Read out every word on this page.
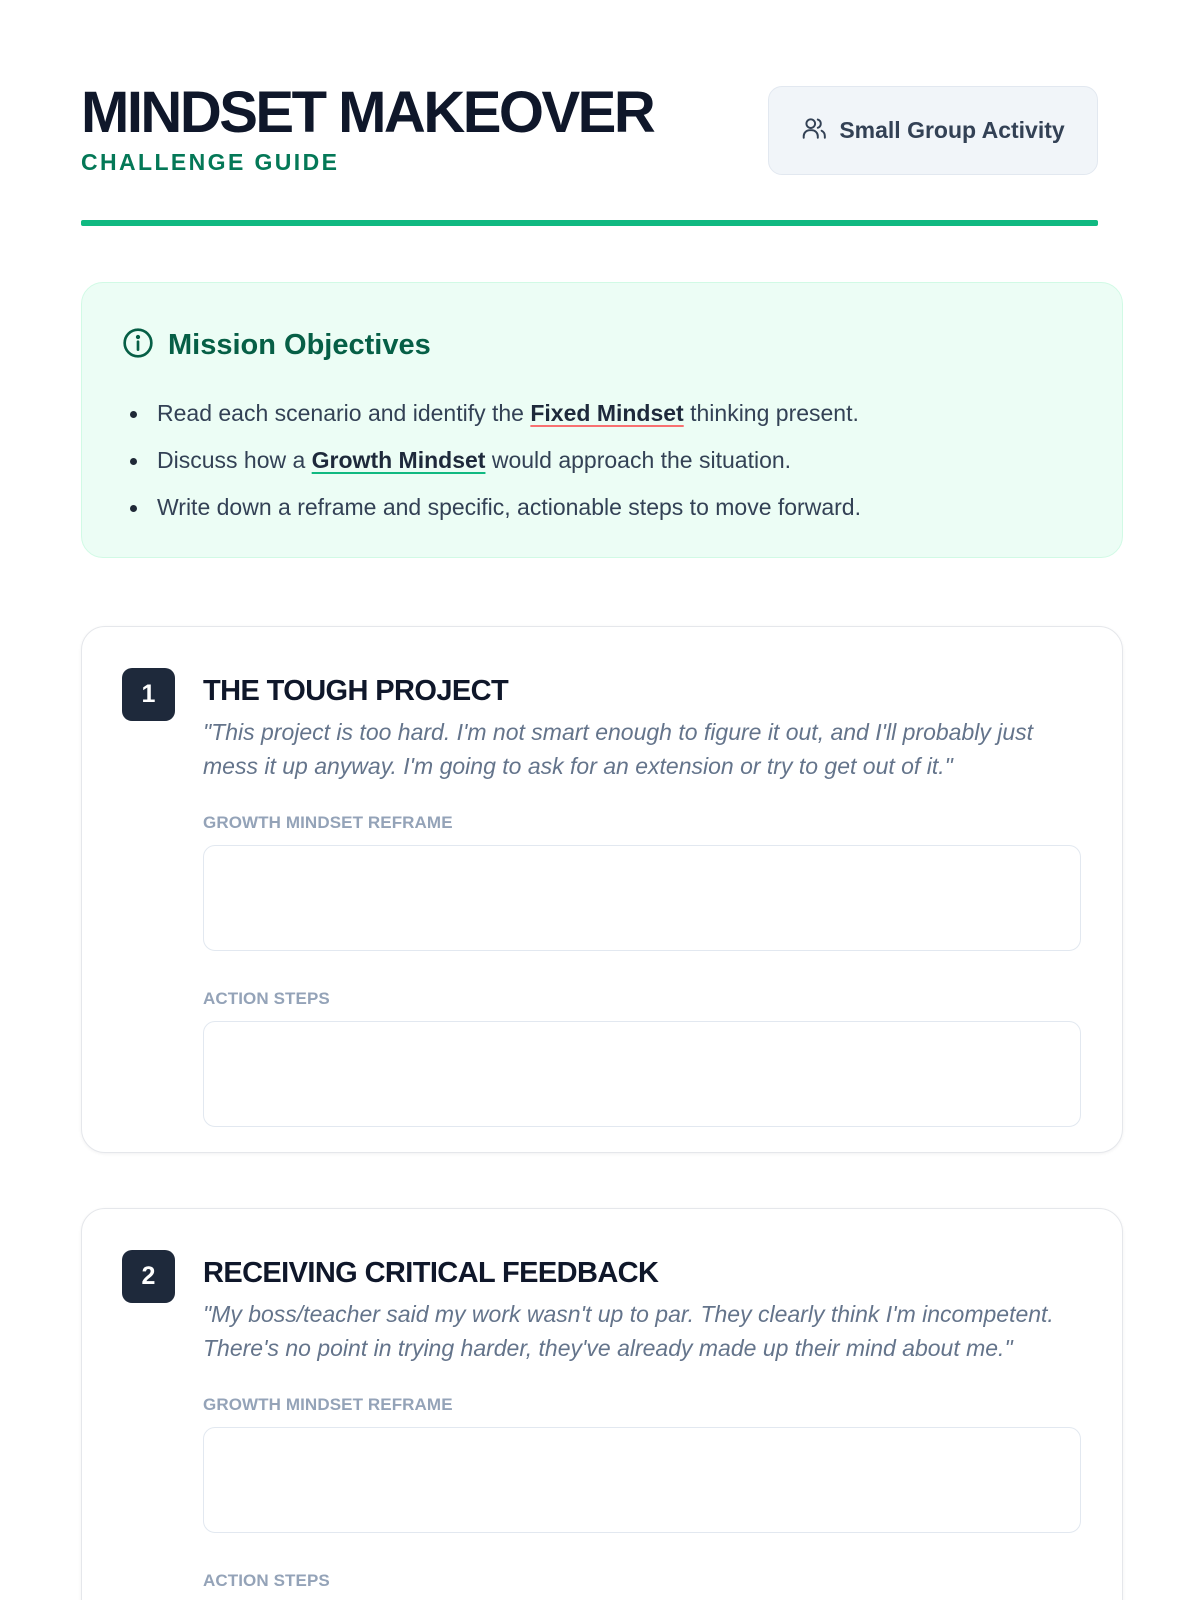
MINDSET MAKEOVER
CHALLENGE GUIDE
Small Group Activity
Mission Objectives
Read each scenario and identify the Fixed Mindset thinking present.
Discuss how a Growth Mindset would approach the situation.
Write down a reframe and specific, actionable steps to move forward.
1	THE TOUGH PROJECT

"This project is too hard. I'm not smart enough to figure it out, and I'll probably just mess it up anyway. I'm going to ask for an extension or try to get out of it."

GROWTH MINDSET REFRAME
ACTION STEPS
2	RECEIVING CRITICAL FEEDBACK

"My boss/teacher said my work wasn't up to par. They clearly think I'm incompetent. There's no point in trying harder, they've already made up their mind about me."

GROWTH MINDSET REFRAME
ACTION STEPS
